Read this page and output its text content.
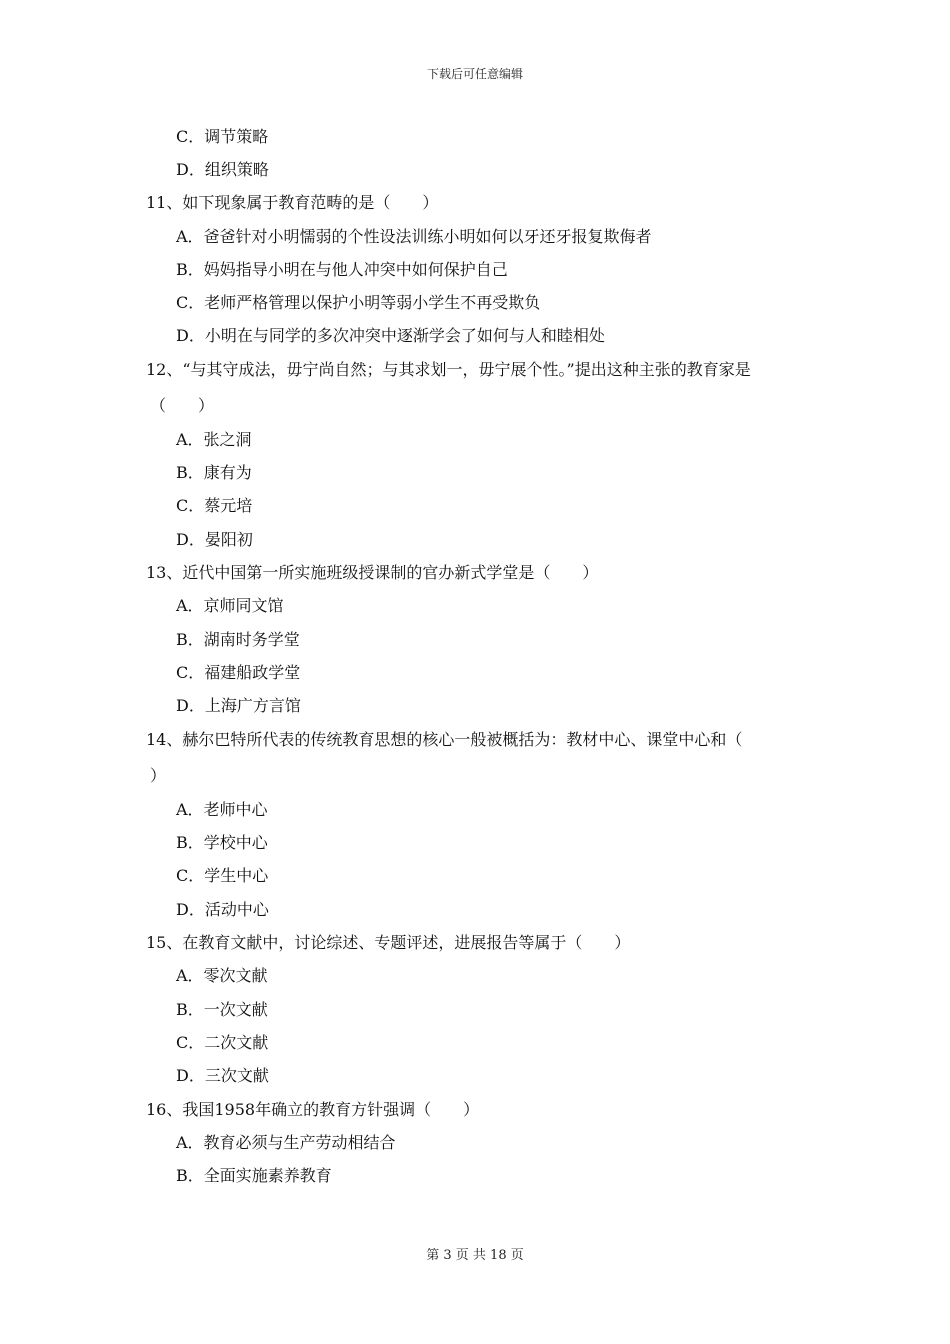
下载后可任意编辑
C．调节策略
D．组织策略
11、如下现象属于教育范畴的是（　　）
A．爸爸针对小明懦弱的个性设法训练小明如何以牙还牙报复欺侮者
B．妈妈指导小明在与他人冲突中如何保护自己
C．老师严格管理以保护小明等弱小学生不再受欺负
D．小明在与同学的多次冲突中逐渐学会了如何与人和睦相处
12、“与其守成法，毋宁尚自然；与其求划一，毋宁展个性。”提出这种主张的教育家是
（　　）
A．张之洞
B．康有为
C．蔡元培
D．晏阳初
13、近代中国第一所实施班级授课制的官办新式学堂是（　　）
A．京师同文馆
B．湖南时务学堂
C．福建船政学堂
D．上海广方言馆
14、赫尔巴特所代表的传统教育思想的核心一般被概括为：教材中心、课堂中心和（
）
A．老师中心
B．学校中心
C．学生中心
D．活动中心
15、在教育文献中，讨论综述、专题评述，进展报告等属于（　　）
A．零次文献
B．一次文献
C．二次文献
D．三次文献
16、我国1958年确立的教育方针强调（　　）
A．教育必须与生产劳动相结合
B．全面实施素养教育
第 3 页 共 18 页
